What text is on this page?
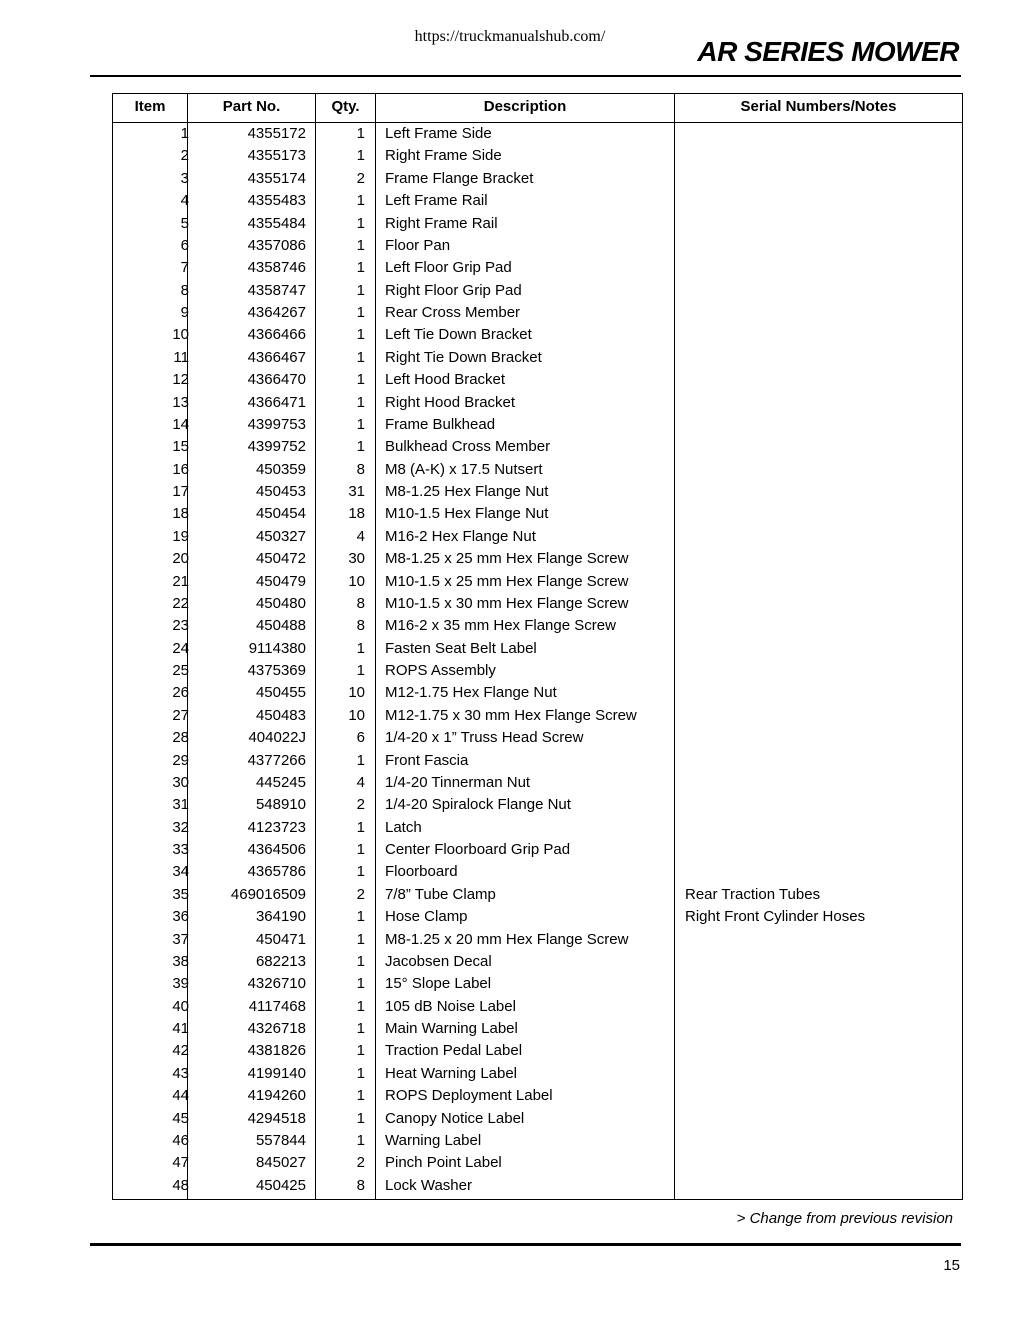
https://truckmanualshub.com/	AR SERIES MOWER
Item	Part No.	Qty.	Description	Serial Numbers/Notes
1	4355172	1 Left Frame Side
2	4355173	1 Right Frame Side
3	4355174	2 Frame Flange Bracket
4	4355483	1 Left Frame Rail
5	4355484	1 Right Frame Rail
6	4357086	1 Floor Pan
7	4358746	1 Left Floor Grip Pad
8	4358747	1 Right Floor Grip Pad
9	4364267	1 Rear Cross Member
10	4366466	1 Left Tie Down Bracket
11	4366467	1 Right Tie Down Bracket
12	4366470	1 Left Hood Bracket
13	4366471	1 Right Hood Bracket
14	4399753	1 Frame Bulkhead
15	4399752	1 Bulkhead Cross Member
16	450359	8 M8 (A-K) x 17.5 Nutsert
17	450453	31 M8-1.25 Hex Flange Nut
18	450454	18 M10-1.5 Hex Flange Nut
19	450327	4 M16-2 Hex Flange Nut
20	450472	30 M8-1.25 x 25 mm Hex Flange Screw
21	450479	10 M10-1.5 x 25 mm Hex Flange Screw
22	450480	8 M10-1.5 x 30 mm Hex Flange Screw
23	450488	8 M16-2 x 35 mm Hex Flange Screw
24	9114380	1 Fasten Seat Belt Label
25	4375369	1 ROPS Assembly
26	450455	10 M12-1.75 Hex Flange Nut
27	450483	10 M12-1.75 x 30 mm Hex Flange Screw
28	404022J	6 1/4-20 x 1” Truss Head Screw
29	4377266	1 Front Fascia
30	445245	4 1/4-20 Tinnerman Nut
31	548910	2 1/4-20 Spiralock Flange Nut
32	4123723	1 Latch
33	4364506	1 Center Floorboard Grip Pad
34	4365786	1 Floorboard
35	469016509	2 7/8” Tube Clamp	Rear Traction Tubes
36	364190	1 Hose Clamp	Right Front Cylinder Hoses
37	450471	1 M8-1.25 x 20 mm Hex Flange Screw
38	682213	1 Jacobsen Decal
39	4326710	1 15° Slope Label
40	4117468	1 105 dB Noise Label
41	4326718	1 Main Warning Label
42	4381826	1 Traction Pedal Label
43	4199140	1 Heat Warning Label
44	4194260	1 ROPS Deployment Label
45	4294518	1 Canopy Notice Label
46	557844	1 Warning Label
47	845027	2 Pinch Point Label
48	450425	8 Lock Washer
> Change from previous revision
15
